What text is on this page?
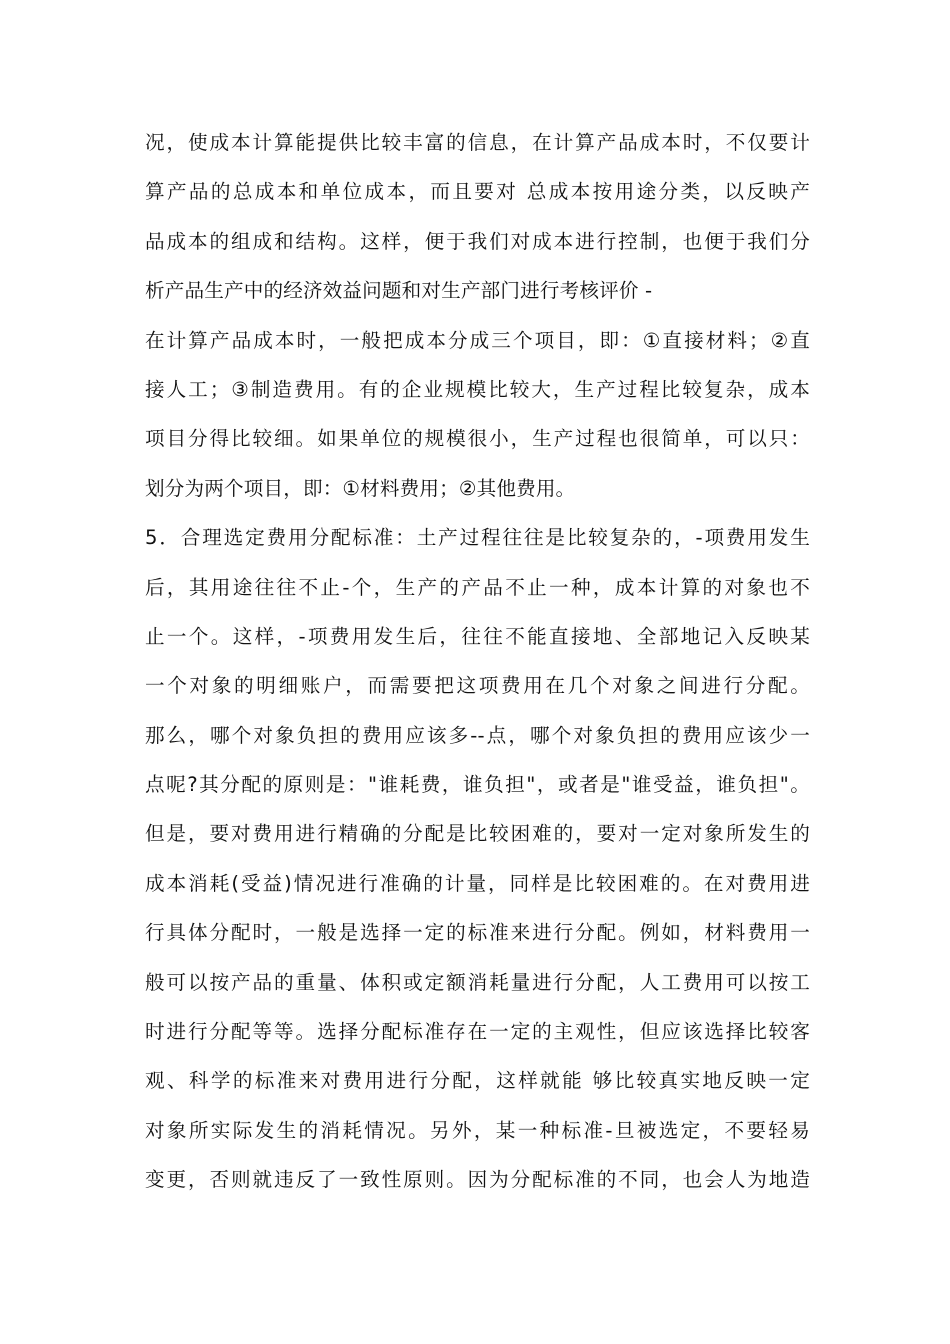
况，使成本计算能提供比较丰富的信息，在计算产品成本时，不仅要计
算产品的总成本和单位成本，而且要对 总成本按用途分类，以反映产
品成本的组成和结构。这样，便于我们对成本进行控制，也便于我们分
析产品生产中的经济效益问题和对生产部门进行考核评价 -
在计算产品成本时，一般把成本分成三个项目，即：①直接材料；②直
接人工；③制造费用。有的企业规模比较大，生产过程比较复杂，成本
项目分得比较细。如果单位的规模很小，生产过程也很简单，可以只：
划分为两个项目，即：①材料费用；②其他费用。
5．合理选定费用分配标准：土产过程往往是比较复杂的，-项费用发生
后，其用途往往不止-个，生产的产品不止一种，成本计算的对象也不
止一个。这样，-项费用发生后，往往不能直接地、全部地记入反映某
一个对象的明细账户，而需要把这项费用在几个对象之间进行分配。
那么，哪个对象负担的费用应该多--点，哪个对象负担的费用应该少一
点呢?其分配的原则是："谁耗费，谁负担"，或者是"谁受益，谁负担"。
但是，要对费用进行精确的分配是比较困难的，要对一定对象所发生的
成本消耗(受益)情况进行准确的计量，同样是比较困难的。在对费用进
行具体分配时，一般是选择一定的标准来进行分配。例如，材料费用一
般可以按产品的重量、体积或定额消耗量进行分配，人工费用可以按工
时进行分配等等。选择分配标准存在一定的主观性，但应该选择比较客
观、科学的标准来对费用进行分配，这样就能 够比较真实地反映一定
对象所实际发生的消耗情况。另外，某一种标准-旦被选定，不要轻易
变更，否则就违反了一致性原则。因为分配标准的不同，也会人为地造
